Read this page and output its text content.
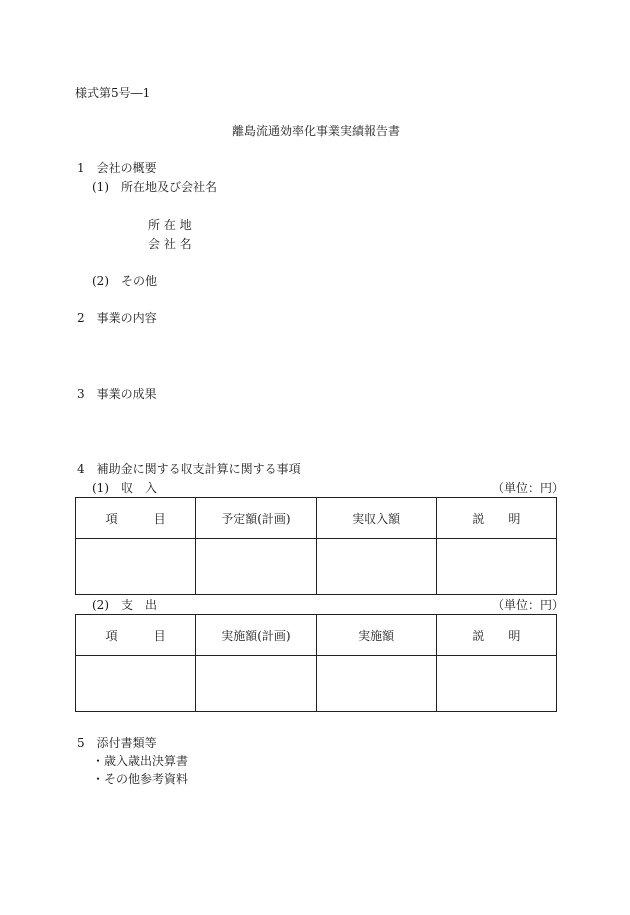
様式第5号―1
離島流通効率化事業実績報告書
1　会社の概要
(1)　所在地及び会社名
所 在 地
会 社 名
(2)　その他
2　事業の内容
3　事業の成果
4　補助金に関する収支計算に関する事項
(1)　収　入	（単位：円）
項　　　目	予定額(計画)	実収入額	説　　明

(2)　支　出	（単位：円）
項　　　目	実施額(計画)	実施額	説　　明

5　添付書類等
・歳入歳出決算書
・その他参考資料
